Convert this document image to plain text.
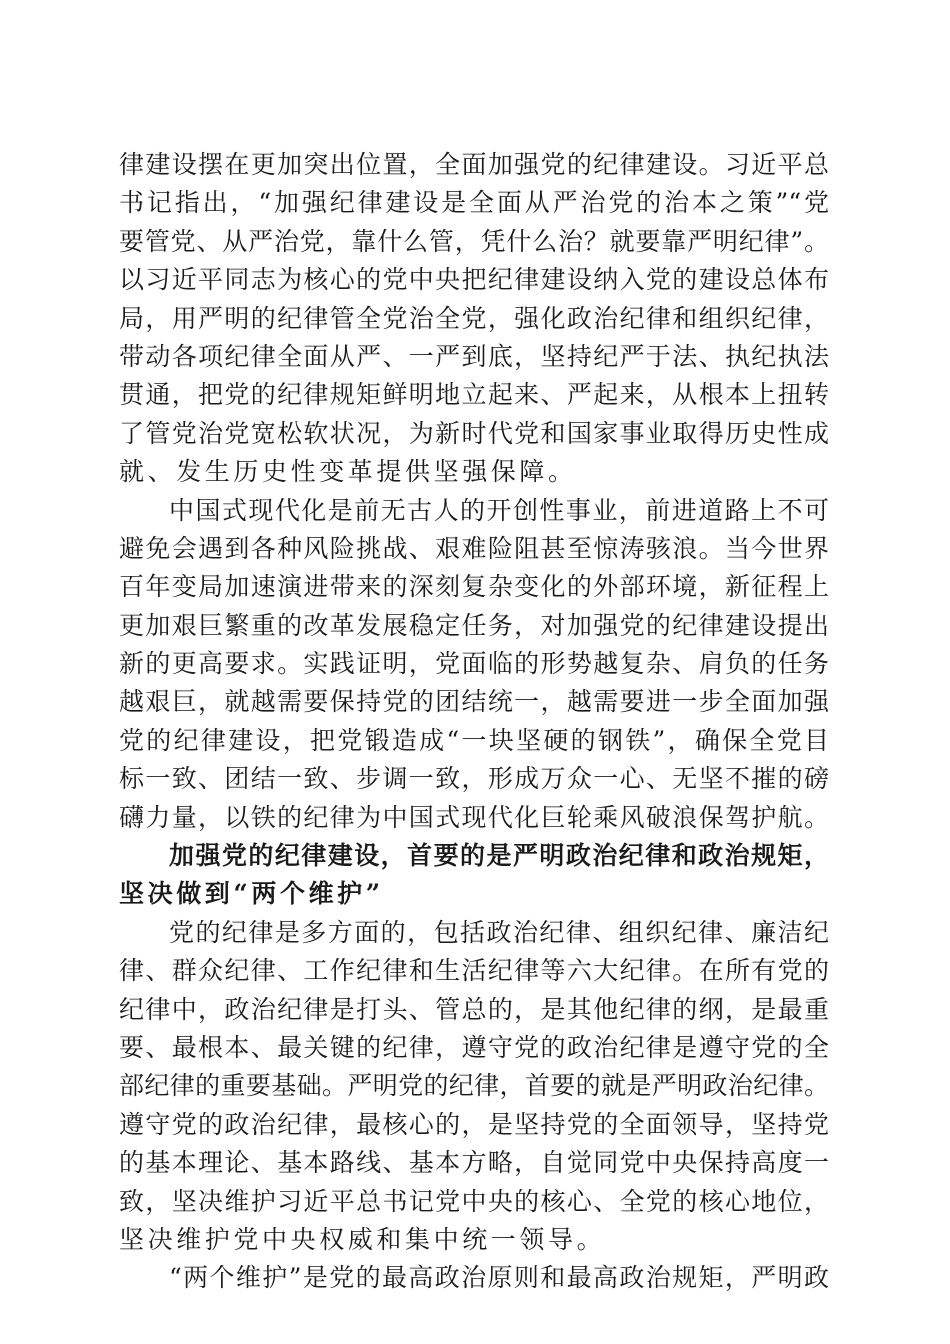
律建设摆在更加突出位置，全面加强党的纪律建设。习近平总
书记指出，“加强纪律建设是全面从严治党的治本之策”“党
要管党、从严治党，靠什么管，凭什么治？就要靠严明纪律”。
以习近平同志为核心的党中央把纪律建设纳入党的建设总体布
局，用严明的纪律管全党治全党，强化政治纪律和组织纪律，
带动各项纪律全面从严、一严到底，坚持纪严于法、执纪执法
贯通，把党的纪律规矩鲜明地立起来、严起来，从根本上扭转
了管党治党宽松软状况，为新时代党和国家事业取得历史性成
就、发生历史性变革提供坚强保障。
中国式现代化是前无古人的开创性事业，前进道路上不可
避免会遇到各种风险挑战、艰难险阻甚至惊涛骇浪。当今世界
百年变局加速演进带来的深刻复杂变化的外部环境，新征程上
更加艰巨繁重的改革发展稳定任务，对加强党的纪律建设提出
新的更高要求。实践证明，党面临的形势越复杂、肩负的任务
越艰巨，就越需要保持党的团结统一，越需要进一步全面加强
党的纪律建设，把党锻造成“一块坚硬的钢铁”，确保全党目
标一致、团结一致、步调一致，形成万众一心、无坚不摧的磅
礴力量，以铁的纪律为中国式现代化巨轮乘风破浪保驾护航。
加强党的纪律建设，首要的是严明政治纪律和政治规矩，
坚决做到“两个维护”
党的纪律是多方面的，包括政治纪律、组织纪律、廉洁纪
律、群众纪律、工作纪律和生活纪律等六大纪律。在所有党的
纪律中，政治纪律是打头、管总的，是其他纪律的纲，是最重
要、最根本、最关键的纪律，遵守党的政治纪律是遵守党的全
部纪律的重要基础。严明党的纪律，首要的就是严明政治纪律。
遵守党的政治纪律，最核心的，是坚持党的全面领导，坚持党
的基本理论、基本路线、基本方略，自觉同党中央保持高度一
致，坚决维护习近平总书记党中央的核心、全党的核心地位，
坚决维护党中央权威和集中统一领导。
“两个维护”是党的最高政治原则和最高政治规矩，严明政
